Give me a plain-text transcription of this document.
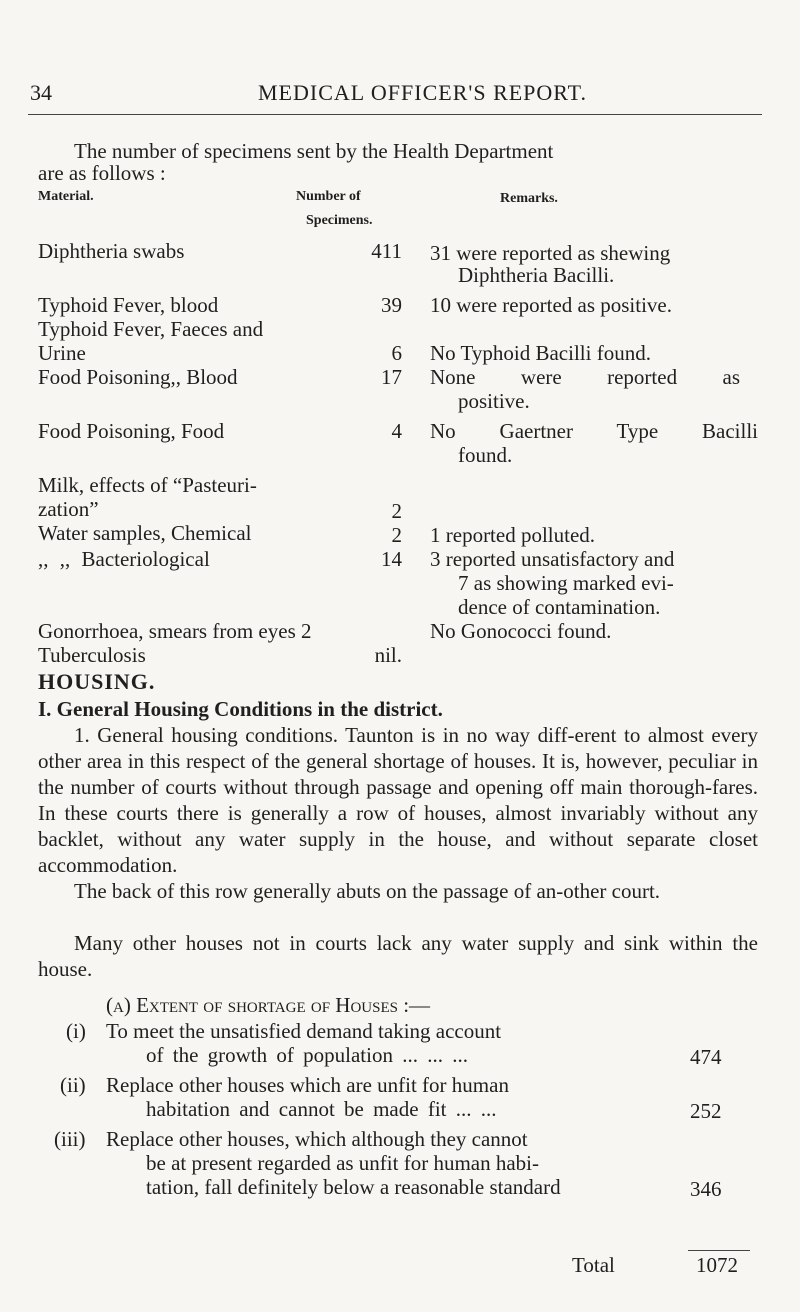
34	MEDICAL OFFICER'S REPORT.
The number of specimens sent by the Health Department
are as follows :
Material.	Number of
Specimens.
Remarks.
Diphtheria swabs	411 31 were reported as shewing
Diphtheria Bacilli.
Typhoid Fever, blood	39 10 were reported as positive.
Typhoid Fever, Faeces and
Urine	6 No Typhoid Bacilli found.
Food Poisoning,, Blood	17 None were reported as
positive.
Food Poisoning, Food	4 No Gaertner Type Bacilli
found.
Milk, effects of “Pasteuri-
zation”	2
Water samples, Chemical	2 1 reported polluted.
,, ,, Bacteriological	14 3 reported unsatisfactory and
7 as showing marked evi-
dence of contamination.
Gonorrhoea, smears from eyes 2	No Gonococci found.
Tuberculosis	nil.
HOUSING.
I. General Housing Conditions in the district.
1. General housing conditions. Taunton is in no way diff-erent to almost every other area in this respect of the general shortage of houses. It is, however, peculiar in the number of courts without through passage and opening off main thorough-fares. In these courts there is generally a row of houses, almost invariably without any backlet, without any water supply in the house, and without separate closet accommodation.
The back of this row generally abuts on the passage of an-other court.
Many other houses not in courts lack any water supply and sink within the house.
(a) Extent of shortage of Houses :—
(i) To meet the unsatisfied demand taking account
of the growth of population ... ... ...	474
(ii) Replace other houses which are unfit for human
habitation and cannot be made fit ... ...	252
(iii) Replace other houses, which although they cannot
be at present regarded as unfit for human habi-
tation, fall definitely below a reasonable standard	346
Total	1072
